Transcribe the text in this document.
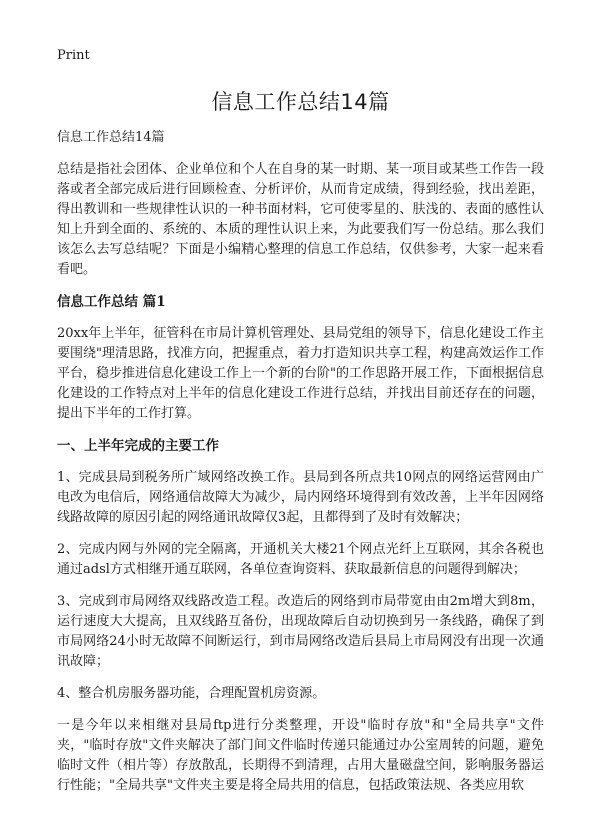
Print
信息工作总结14篇
信息工作总结14篇

总结是指社会团体、企业单位和个人在自身的某一时期、某一项目或某些工作告一段落或者全部完成后进行回顾检查、分析评价，从而肯定成绩，得到经验，找出差距，得出教训和一些规律性认识的一种书面材料，它可使零星的、肤浅的、表面的感性认知上升到全面的、系统的、本质的理性认识上来，为此要我们写一份总结。那么我们该怎么去写总结呢？下面是小编精心整理的信息工作总结，仅供参考，大家一起来看看吧。

信息工作总结 篇1

20xx年上半年，征管科在市局计算机管理处、县局党组的领导下，信息化建设工作主要围绕"理清思路，找准方向，把握重点，着力打造知识共享工程，构建高效运作工作平台，稳步推进信息化建设工作上一个新的台阶"的工作思路开展工作，下面根据信息化建设的工作特点对上半年的信息化建设工作进行总结，并找出目前还存在的问题，提出下半年的工作打算。

一、上半年完成的主要工作

1、完成县局到税务所广域网络改换工作。县局到各所点共10网点的网络运营网由广电改为电信后，网络通信故障大为减少，局内网络环境得到有效改善，上半年因网络线路故障的原因引起的网络通讯故障仅3起，且都得到了及时有效解决；

2、完成内网与外网的完全隔离，开通机关大楼21个网点光纤上互联网，其余各税也通过adsl方式相继开通互联网，各单位查询资料、获取最新信息的问题得到解决；

3、完成到市局网络双线路改造工程。改造后的网络到市局带宽由由2m增大到8m，运行速度大大提高，且双线路互备份，出现故障后自动切换到另一条线路，确保了到市局网络24小时无故障不间断运行，到市局网络改造后县局上市局网没有出现一次通讯故障；

4、整合机房服务器功能，合理配置机房资源。

一是今年以来相继对县局ftp进行分类整理，开设"临时存放"和"全局共享"文件夹，"临时存放"文件夹解决了部门间文件临时传递只能通过办公室周转的问题，避免临时文件（相片等）存放散乱，长期得不到清理，占用大量磁盘空间，影响服务器运行性能；"全局共享"文件夹主要是将全局共用的信息，包括政策法规、各类应用软
